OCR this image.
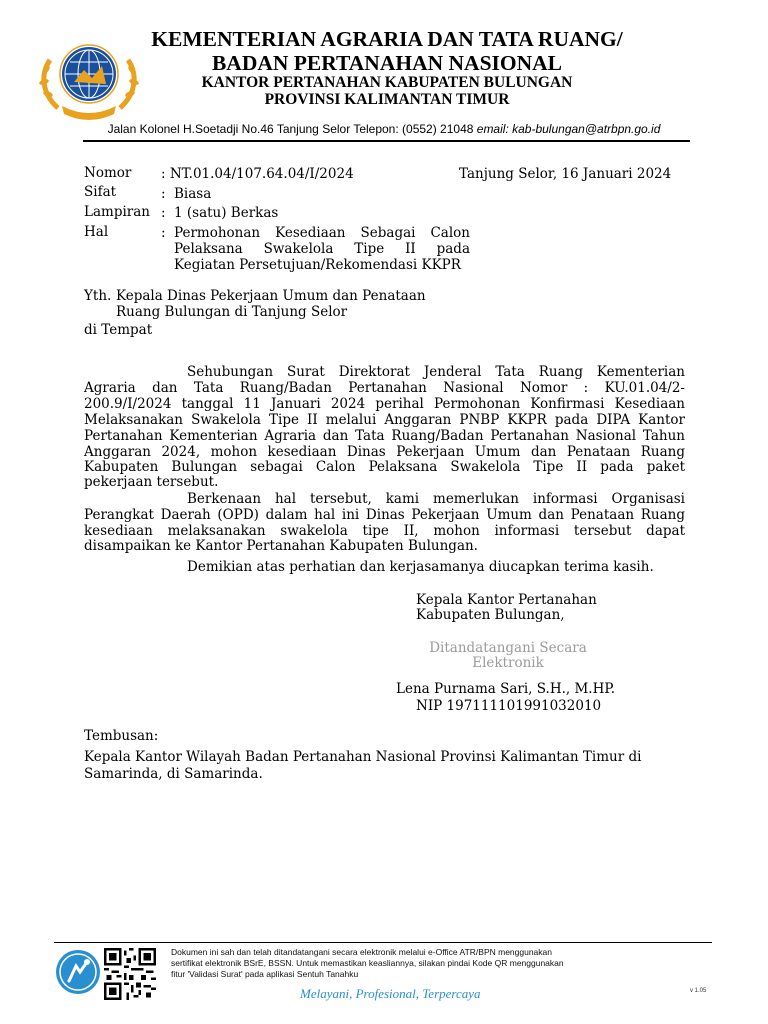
KEMENTERIAN AGRARIA DAN TATA RUANG/
BADAN PERTANAHAN NASIONAL
KANTOR PERTANAHAN KABUPATEN BULUNGAN
PROVINSI KALIMANTAN TIMUR
Jalan Kolonel H.Soetadji No.46 Tanjung Selor Telepon: (0552) 21048 email: kab-bulungan@atrbpn.go.id
Nomor : NT.01.04/107.64.04/I/2024	Tanjung Selor, 16 Januari 2024
Sifat	: Biasa
Lampiran : 1 (satu) Berkas
Hal	: Permohonan Kesediaan Sebagai Calon
Pelaksana Swakelola Tipe II pada
Kegiatan Persetujuan/Rekomendasi KKPR
Yth. Kepala Dinas Pekerjaan Umum dan Penataan
Ruang Bulungan di Tanjung Selor
di Tempat
Sehubungan Surat Direktorat Jenderal Tata Ruang Kementerian
Agraria dan Tata Ruang/Badan Pertanahan Nasional Nomor : KU.01.04/2-
200.9/I/2024 tanggal 11 Januari 2024 perihal Permohonan Konfirmasi Kesediaan
Melaksanakan Swakelola Tipe II melalui Anggaran PNBP KKPR pada DIPA Kantor
Pertanahan Kementerian Agraria dan Tata Ruang/Badan Pertanahan Nasional Tahun
Anggaran 2024, mohon kesediaan Dinas Pekerjaan Umum dan Penataan Ruang
Kabupaten Bulungan sebagai Calon Pelaksana Swakelola Tipe II pada paket
pekerjaan tersebut.
Berkenaan hal tersebut, kami memerlukan informasi Organisasi
Perangkat Daerah (OPD) dalam hal ini Dinas Pekerjaan Umum dan Penataan Ruang
kesediaan melaksanakan swakelola tipe II, mohon informasi tersebut dapat
disampaikan ke Kantor Pertanahan Kabupaten Bulungan.
Demikian atas perhatian dan kerjasamanya diucapkan terima kasih.
Kepala Kantor Pertanahan
Kabupaten Bulungan,
Ditandatangani Secara
Elektronik
Lena Purnama Sari, S.H., M.HP.
NIP 197111101991032010
Tembusan:
Kepala Kantor Wilayah Badan Pertanahan Nasional Provinsi Kalimantan Timur di
Samarinda, di Samarinda.
Dokumen ini sah dan telah ditandatangani secara elektronik melalui e-Office ATR/BPN menggunakan
sertifikat elektronik BSrE, BSSN. Untuk memastikan keasliannya, silakan pindai Kode QR menggunakan
fitur 'Validasi Surat' pada aplikasi Sentuh Tanahku
Melayani, Profesional, Terpercaya	v 1.05
